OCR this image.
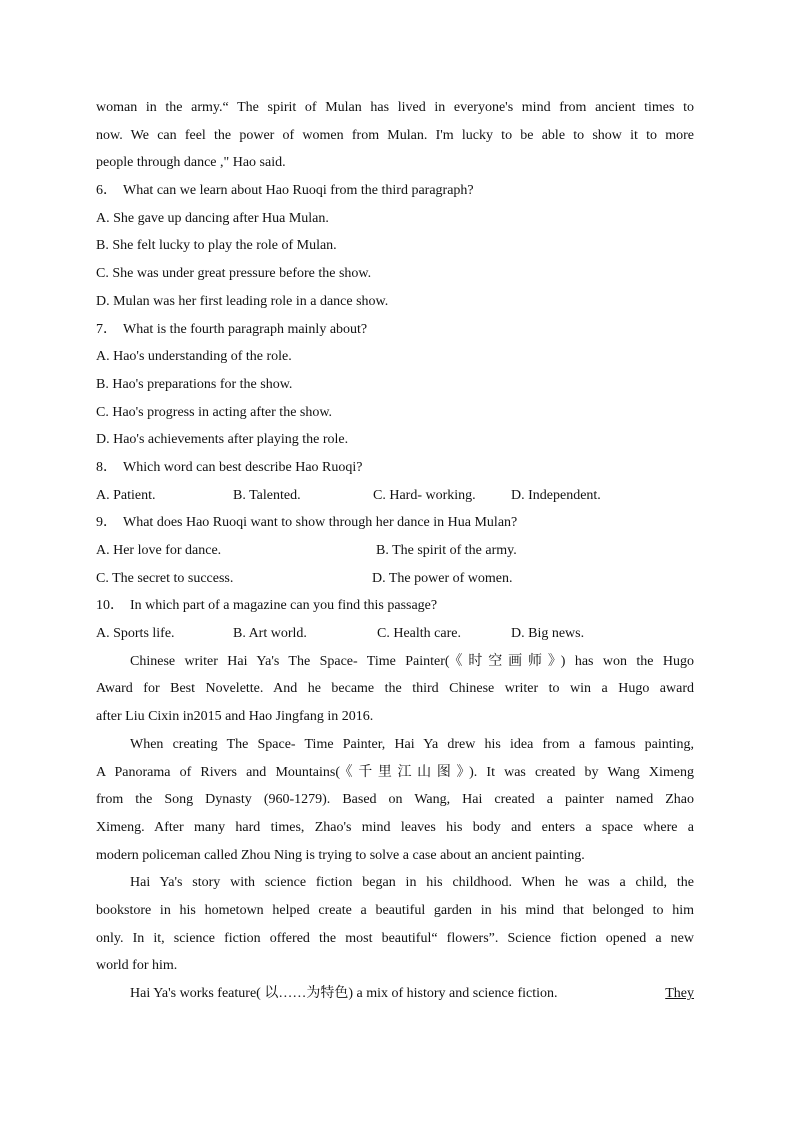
woman in the army.“ The spirit of Mulan has lived in everyone's mind from ancient times to
now. We can feel the power of women from Mulan. I'm lucky to be able to show it to more
people through dance ," Hao said.
6． What can we learn about Hao Ruoqi from the third paragraph?
A. She gave up dancing after Hua Mulan.
B. She felt lucky to play the role of Mulan.
C. She was under great pressure before the show.
D. Mulan was her first leading role in a dance show.
7． What is the fourth paragraph mainly about?
A. Hao's understanding of the role.
B. Hao's preparations for the show.
C. Hao's progress in acting after the show.
D. Hao's achievements after playing the role.
8． Which word can best describe Hao Ruoqi?
A. Patient.	B. Talented.	C. Hard- working.	D. Independent.
9． What does Hao Ruoqi want to show through her dance in Hua Mulan?
A. Her love for dance.	B. The spirit of the army.
C. The secret to success.	D. The power of women.
10． In which part of a magazine can you find this passage?
A. Sports life.	B. Art world.	C. Health care.	D. Big news.
Chinese writer Hai Ya's The Space- Time Painter(《时空画师》) has won the Hugo
Award for Best Novelette. And he became the third Chinese writer to win a Hugo award
after Liu Cixin in2015 and Hao Jingfang in 2016.
When creating The Space- Time Painter, Hai Ya drew his idea from a famous painting,
A Panorama of Rivers and Mountains(《千里江山图》). It was created by Wang Ximeng
from the Song Dynasty (960-1279). Based on Wang, Hai created a painter named Zhao
Ximeng. After many hard times, Zhao's mind leaves his body and enters a space where a
modern policeman called Zhou Ning is trying to solve a case about an ancient painting.
Hai Ya's story with science fiction began in his childhood. When he was a child, the
bookstore in his hometown helped create a beautiful garden in his mind that belonged to him
only. In it, science fiction offered the most beautiful“ flowers”. Science fiction opened a new
world for him.
Hai Ya's works feature( 以……为特色) a mix of history and science fiction.	They
